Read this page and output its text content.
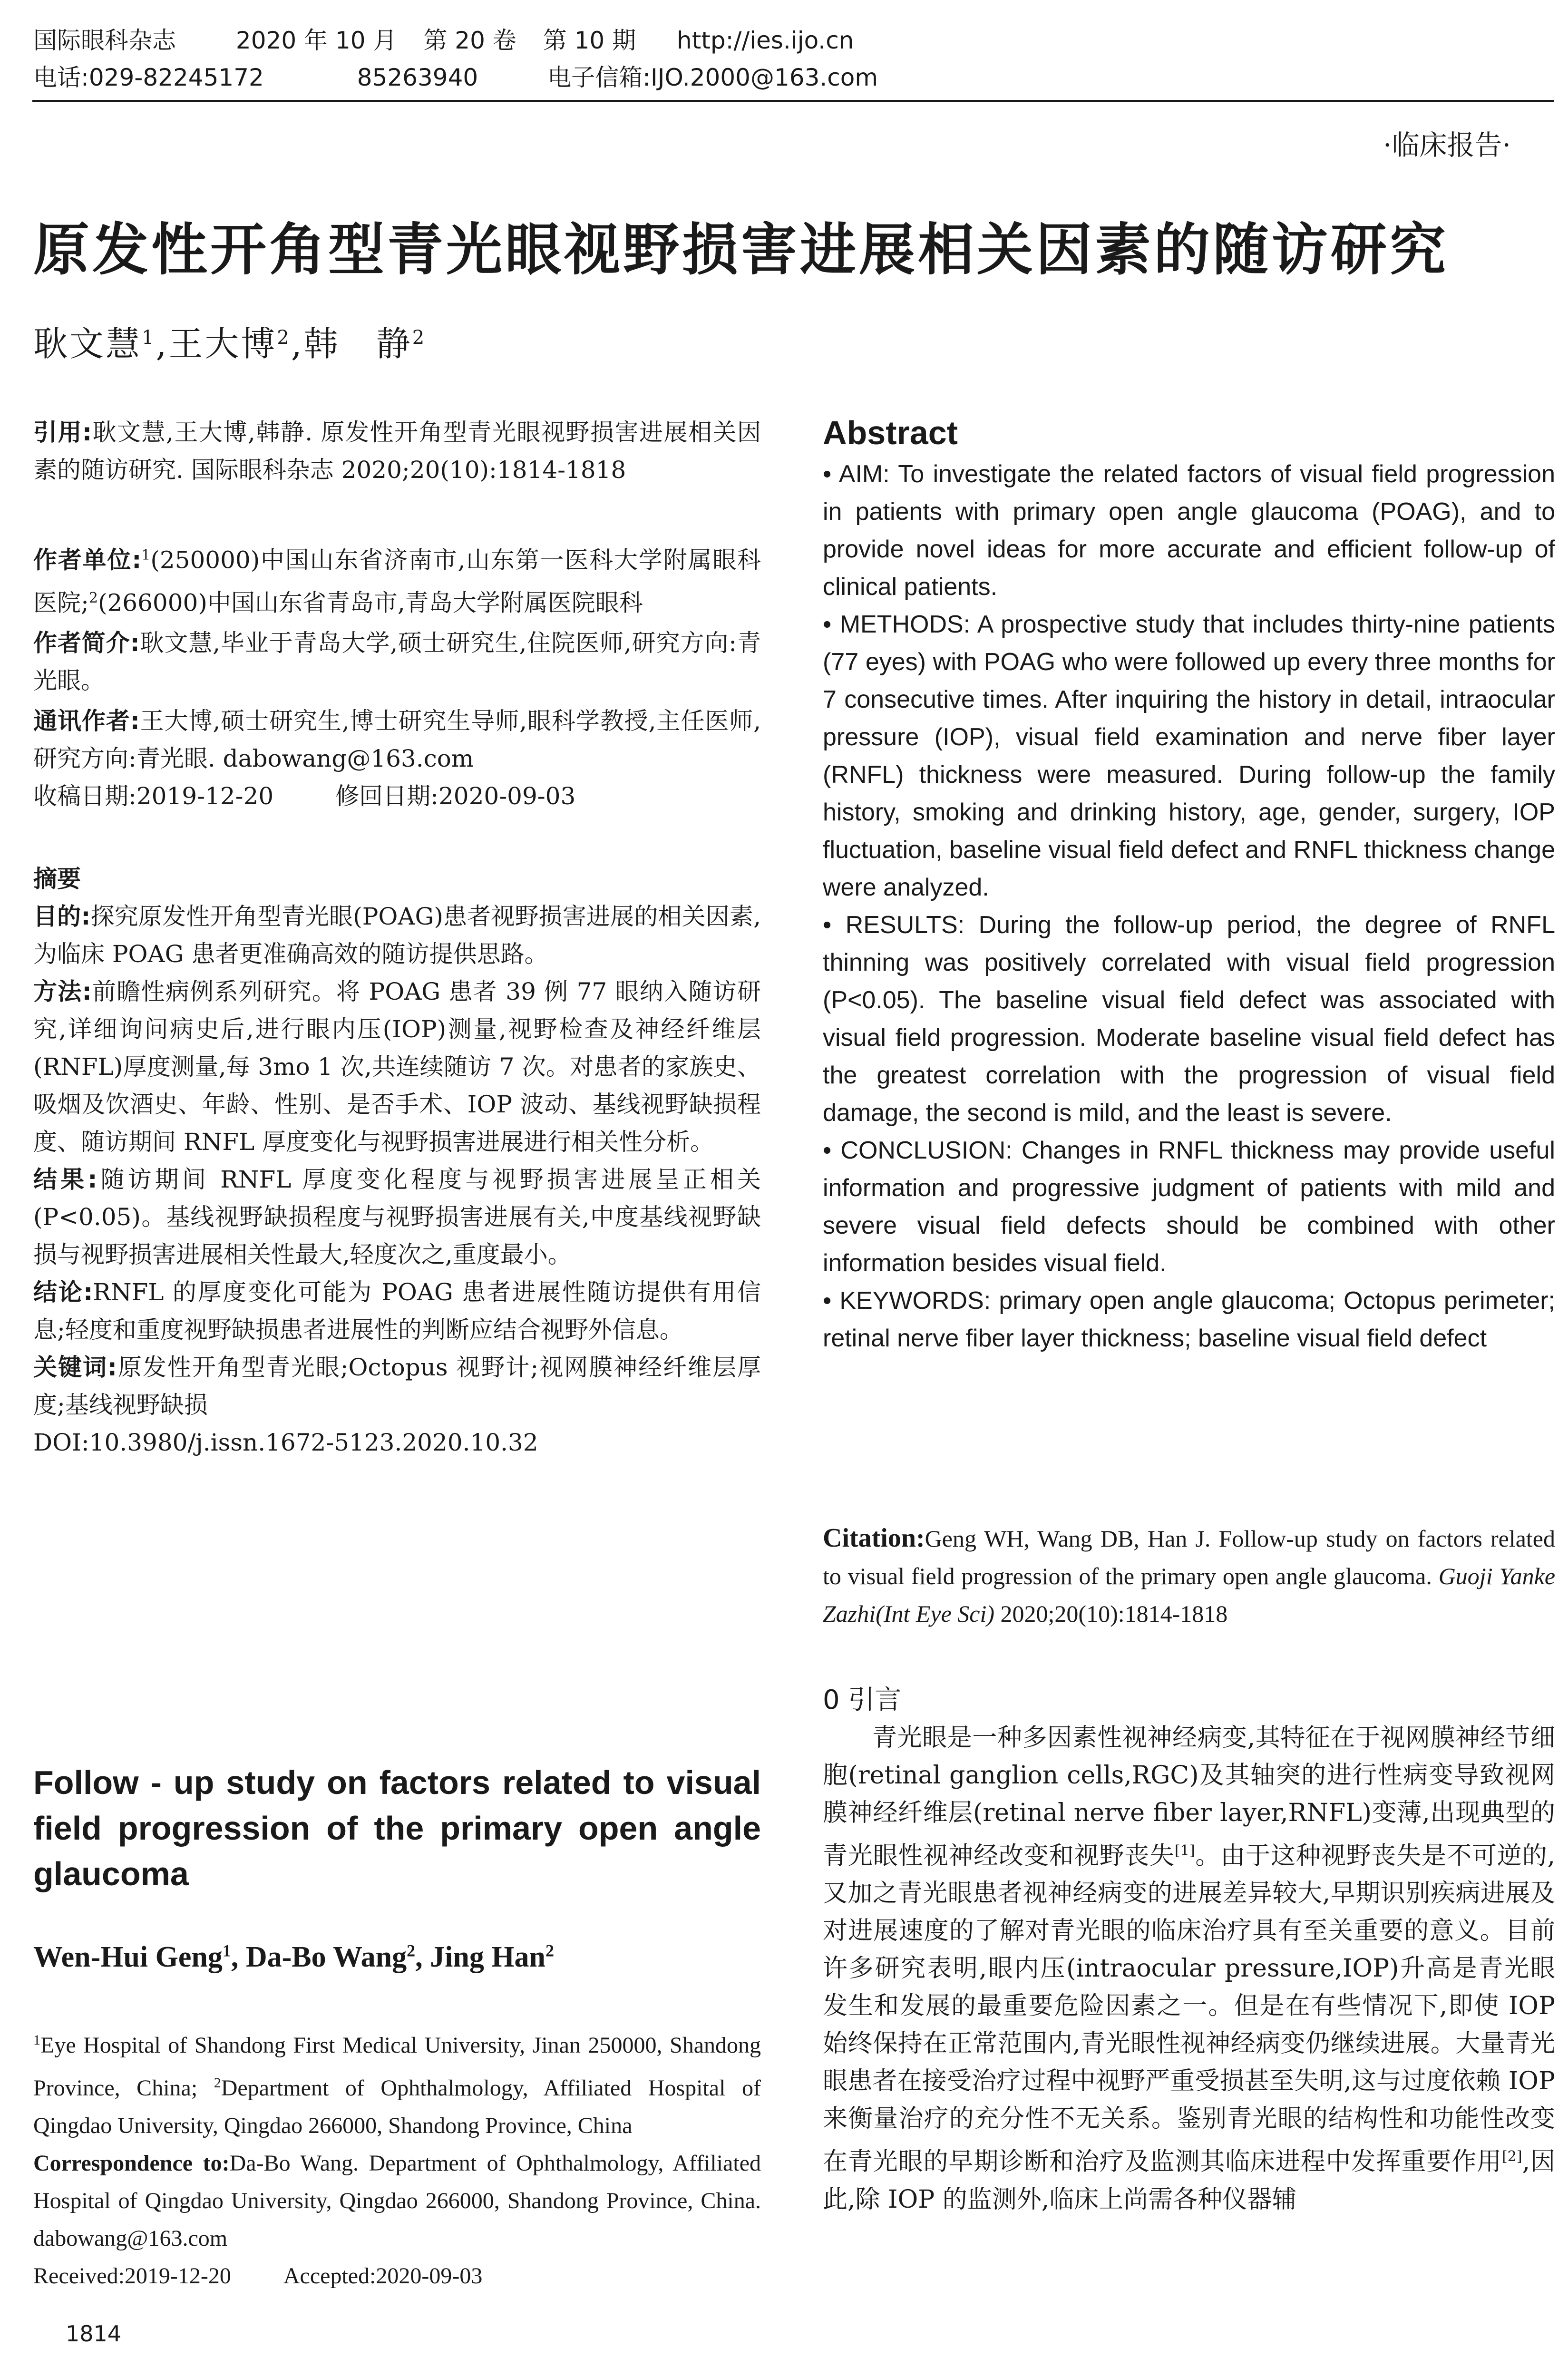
国际眼科杂志	2020 年 10 月 第 20 卷 第 10 期 http://ies.ijo.cn
电话:029-82245172	85263940	电子信箱:IJO.2000@163.com
·临床报告·
原发性开角型青光眼视野损害进展相关因素的随访研究
耿文慧$^1$,王大博$^2$,韩　静$^2$

引用:耿文慧,王大博,韩静. 原发性开角型青光眼视野损害进展相关因素的随访研究. 国际眼科杂志 2020;20(10):1814-1818

作者单位:$^1$(250000)中国山东省济南市,山东第一医科大学附属眼科医院;$^2$(266000)中国山东省青岛市,青岛大学附属医院眼科

作者简介:耿文慧,毕业于青岛大学,硕士研究生,住院医师,研究方向:青光眼。

通讯作者:王大博,硕士研究生,博士研究生导师,眼科学教授,主任医师,研究方向:青光眼. dabowang@163.com

收稿日期:2019-12-20	修回日期:2020-09-03

摘要

目的:探究原发性开角型青光眼(POAG)患者视野损害进展的相关因素,为临床 POAG 患者更准确高效的随访提供思路。

方法:前瞻性病例系列研究。将 POAG 患者 39 例 77 眼纳入随访研究,详细询问病史后,进行眼内压(IOP)测量,视野检查及神经纤维层(RNFL)厚度测量,每 3mo 1 次,共连续随访 7 次。对患者的家族史、吸烟及饮酒史、年龄、性别、是否手术、IOP 波动、基线视野缺损程度、随访期间 RNFL 厚度变化与视野损害进展进行相关性分析。

结果:随访期间 RNFL 厚度变化程度与视野损害进展呈正相关(P<0.05)。基线视野缺损程度与视野损害进展有关,中度基线视野缺损与视野损害进展相关性最大,轻度次之,重度最小。

结论:RNFL 的厚度变化可能为 POAG 患者进展性随访提供有用信息;轻度和重度视野缺损患者进展性的判断应结合视野外信息。

关键词:原发性开角型青光眼;Octopus 视野计;视网膜神经纤维层厚度;基线视野缺损

DOI:10.3980/j.issn.1672-5123.2020.10.32

Follow - up study on factors related to visual field progression of the primary open angle glaucoma
Wen-Hui Geng$^1$, Da-Bo Wang$^2$, Jing Han$^2$

$^1$Eye Hospital of Shandong First Medical University, Jinan 250000, Shandong Province, China; $^2$Department of Ophthalmology, Affiliated Hospital of Qingdao University, Qingdao 266000, Shandong Province, China

Correspondence to:Da-Bo Wang. Department of Ophthalmology, Affiliated Hospital of Qingdao University, Qingdao 266000, Shandong Province, China. dabowang@163.com

Received:2019-12-20 Accepted:2020-09-03

1814
Abstract

• AIM: To investigate the related factors of visual field progression in patients with primary open angle glaucoma (POAG), and to provide novel ideas for more accurate and efficient follow-up of clinical patients.

• METHODS: A prospective study that includes thirty-nine patients (77 eyes) with POAG who were followed up every three months for 7 consecutive times. After inquiring the history in detail, intraocular pressure (IOP), visual field examination and nerve fiber layer (RNFL) thickness were measured. During follow-up the family history, smoking and drinking history, age, gender, surgery, IOP fluctuation, baseline visual field defect and RNFL thickness change were analyzed.

• RESULTS: During the follow-up period, the degree of RNFL thinning was positively correlated with visual field progression (P<0.05). The baseline visual field defect was associated with visual field progression. Moderate baseline visual field defect has the greatest correlation with the progression of visual field damage, the second is mild, and the least is severe.

• CONCLUSION: Changes in RNFL thickness may provide useful information and progressive judgment of patients with mild and severe visual field defects should be combined with other information besides visual field.

• KEYWORDS: primary open angle glaucoma; Octopus perimeter; retinal nerve fiber layer thickness; baseline visual field defect

Citation:Geng WH, Wang DB, Han J. Follow-up study on factors related to visual field progression of the primary open angle glaucoma. Guoji Yanke Zazhi(Int Eye Sci) 2020;20(10):1814-1818
0 引言

青光眼是一种多因素性视神经病变,其特征在于视网膜神经节细胞(retinal ganglion cells,RGC)及其轴突的进行性病变导致视网膜神经纤维层(retinal nerve fiber layer,RNFL)变薄,出现典型的青光眼性视神经改变和视野丧失[1]。由于这种视野丧失是不可逆的,又加之青光眼患者视神经病变的进展差异较大,早期识别疾病进展及对进展速度的了解对青光眼的临床治疗具有至关重要的意义。目前许多研究表明,眼内压(intraocular pressure,IOP)升高是青光眼发生和发展的最重要危险因素之一。但是在有些情况下,即使 IOP 始终保持在正常范围内,青光眼性视神经病变仍继续进展。大量青光眼患者在接受治疗过程中视野严重受损甚至失明,这与过度依赖 IOP 来衡量治疗的充分性不无关系。鉴别青光眼的结构性和功能性改变在青光眼的早期诊断和治疗及监测其临床进程中发挥重要作用[2],因此,除 IOP 的监测外,临床上尚需各种仪器辅
